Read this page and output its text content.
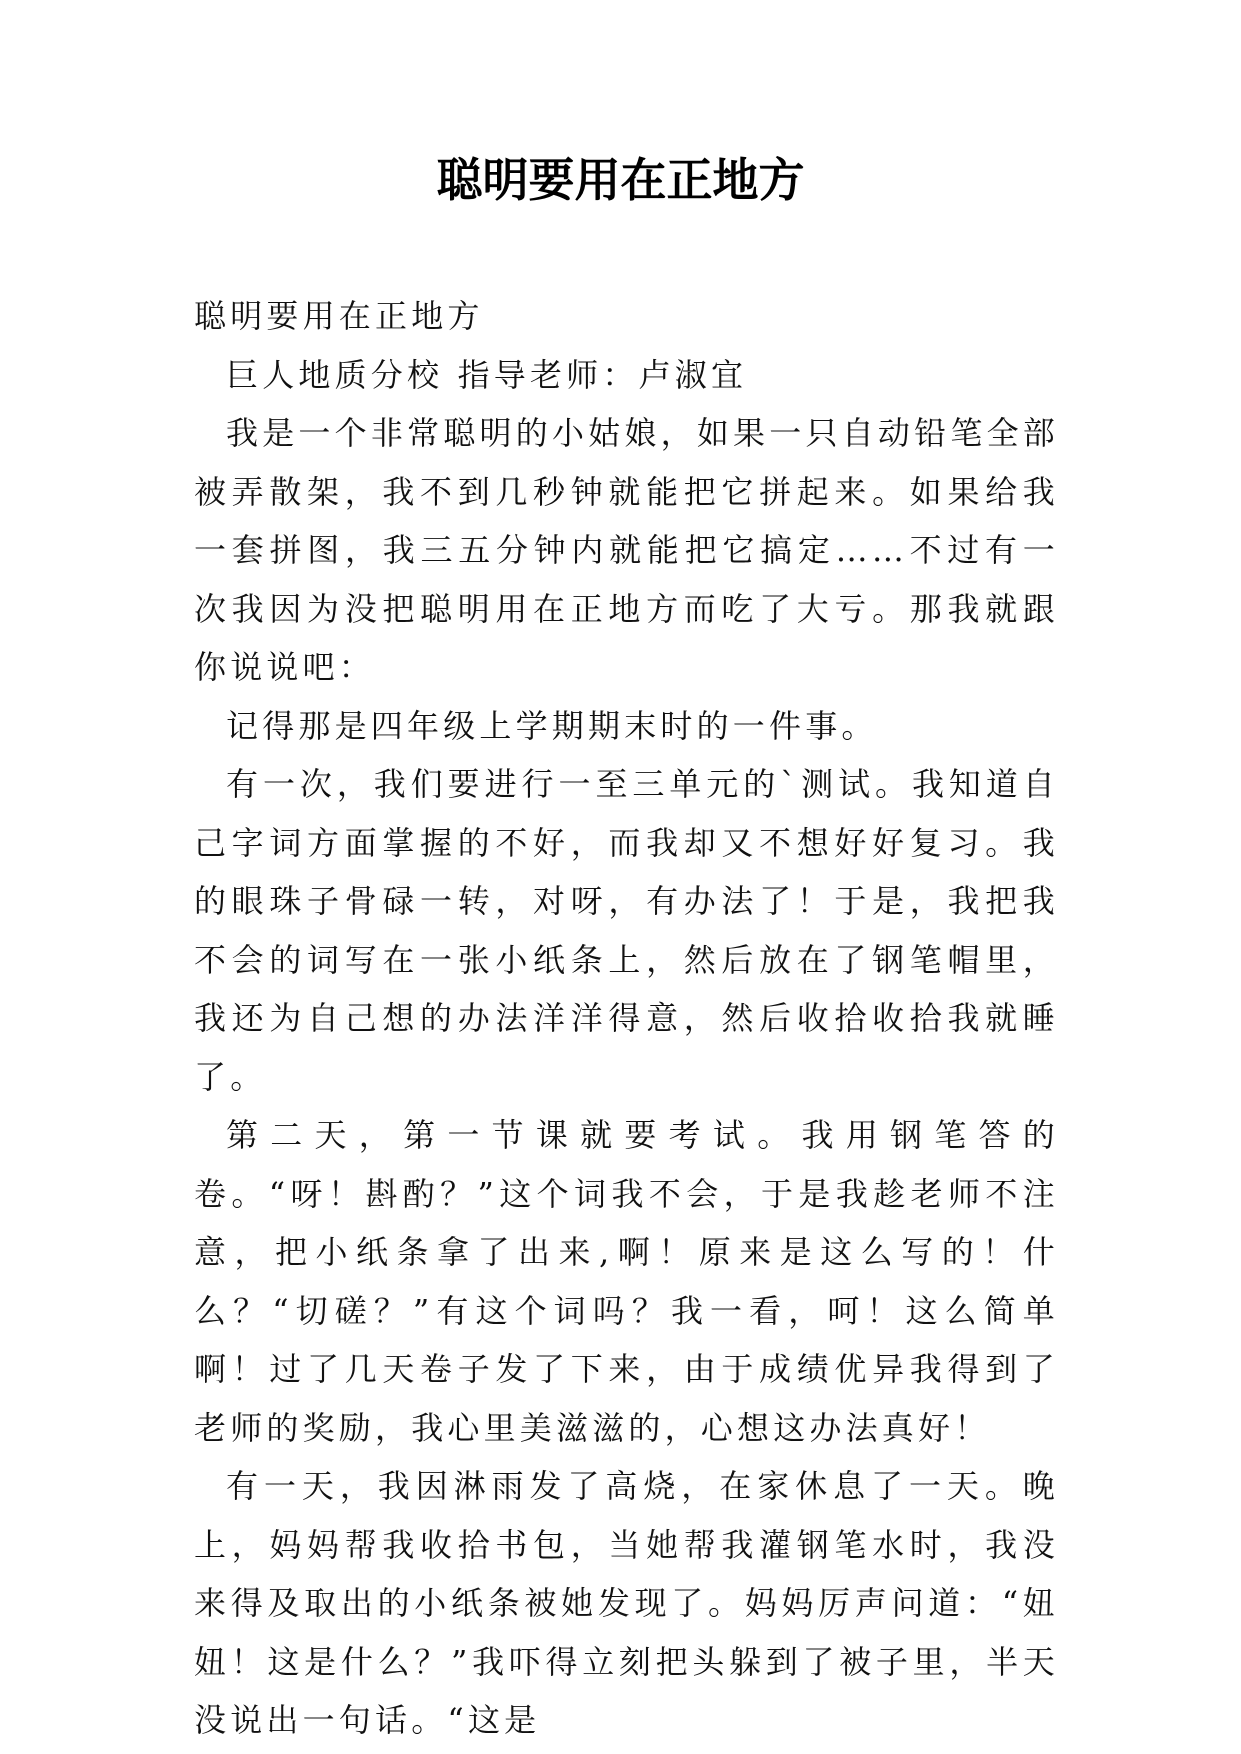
聪明要用在正地方

聪明要用在正地方

巨人地质分校 指导老师：卢淑宜

我是一个非常聪明的小姑娘，如果一只自动铅笔全部被弄散架，我不到几秒钟就能把它拼起来。如果给我一套拼图，我三五分钟内就能把它搞定……不过有一次我因为没把聪明用在正地方而吃了大亏。那我就跟你说说吧：

记得那是四年级上学期期末时的一件事。

有一次，我们要进行一至三单元的`测试。我知道自己字词方面掌握的不好，而我却又不想好好复习。我的眼珠子骨碌一转，对呀，有办法了！于是，我把我不会的词写在一张小纸条上，然后放在了钢笔帽里，我还为自己想的办法洋洋得意，然后收拾收拾我就睡了。

第二天，第一节课就要考试。我用钢笔答的卷。“呀！斟酌？”这个词我不会，于是我趁老师不注意，把小纸条拿了出来,啊！原来是这么写的！什么？“切磋？”有这个词吗？我一看，呵！这么简单啊！过了几天卷子发了下来，由于成绩优异我得到了老师的奖励，我心里美滋滋的，心想这办法真好！

有一天，我因淋雨发了高烧，在家休息了一天。晚上，妈妈帮我收拾书包，当她帮我灌钢笔水时，我没来得及取出的小纸条被她发现了。妈妈厉声问道：“妞妞！这是什么？”我吓得立刻把头躲到了被子里，半天没说出一句话。“这是
